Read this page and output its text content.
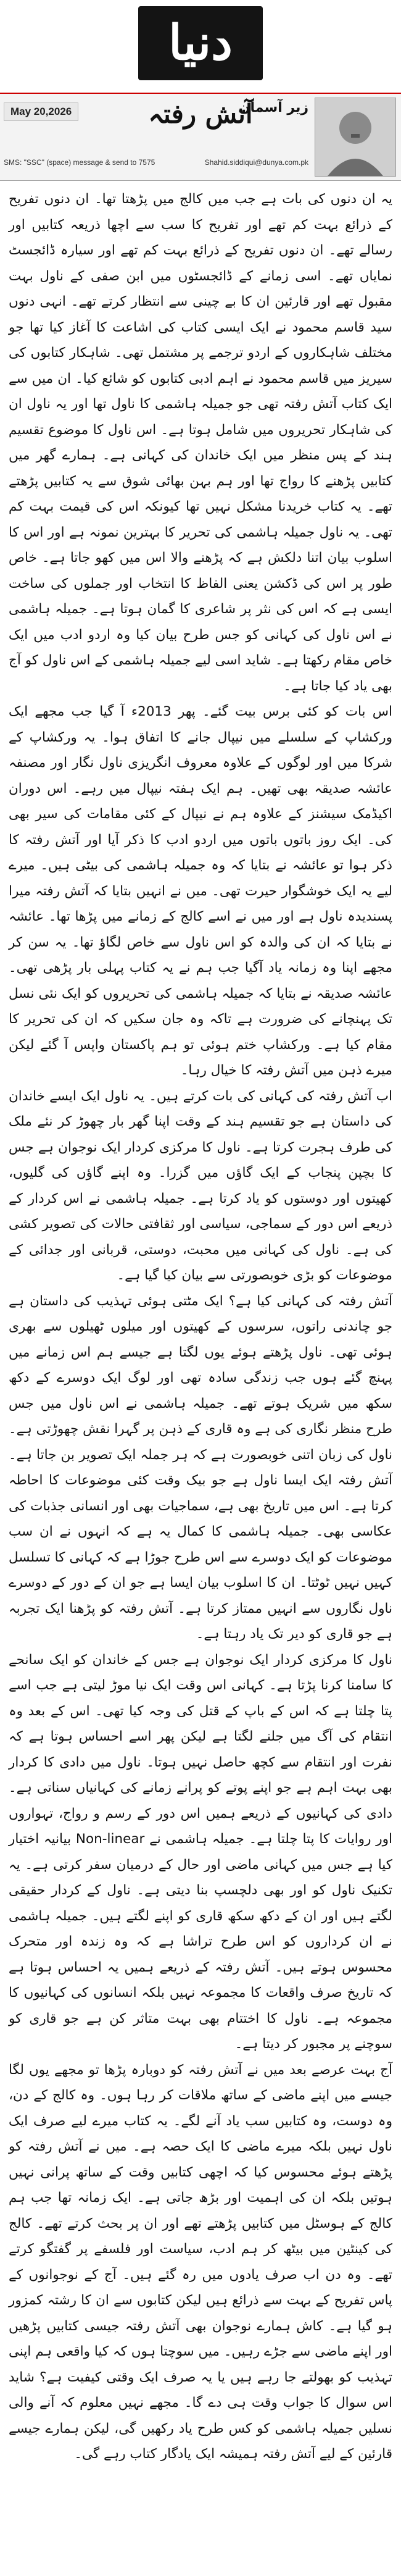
دنیا
May 20,2026	آتش رفتہ
زیر آسمان
SMS: "SSC" (space) message & send to 7575	Shahid.siddiqui@dunya.com.pk

یہ ان دنوں کی بات ہے جب میں کالج میں پڑھتا تھا۔ ان دنوں تفریح کے ذرائع بہت کم تھے اور تفریح کا سب سے اچھا ذریعہ کتابیں اور رسالے تھے۔ ان دنوں تفریح کے ذرائع بہت کم تھے اور سیارہ ڈائجسٹ نمایاں تھے۔ اسی زمانے کے ڈائجسٹوں میں ابن صفی کے ناول بہت مقبول تھے اور قارئین ان کا بے چینی سے انتظار کرتے تھے۔ انہی دنوں سید قاسم محمود نے ایک ایسی کتاب کی اشاعت کا آغاز کیا تھا جو مختلف شاہکاروں کے اردو ترجمے پر مشتمل تھی۔ شاہکار کتابوں کی سیریز میں قاسم محمود نے اہم ادبی کتابوں کو شائع کیا۔ ان میں سے ایک کتاب آتش رفتہ تھی جو جمیلہ ہاشمی کا ناول تھا اور یہ ناول ان کی شاہکار تحریروں میں شامل ہوتا ہے۔ اس ناول کا موضوع تقسیم ہند کے پس منظر میں ایک خاندان کی کہانی ہے۔ ہمارے گھر میں کتابیں پڑھنے کا رواج تھا اور ہم بہن بھائی شوق سے یہ کتابیں پڑھتے تھے۔ یہ کتاب خریدنا مشکل نہیں تھا کیونکہ اس کی قیمت بہت کم تھی۔ یہ ناول جمیلہ ہاشمی کی تحریر کا بہترین نمونہ ہے اور اس کا اسلوب بیان اتنا دلکش ہے کہ پڑھنے والا اس میں کھو جاتا ہے۔ خاص طور پر اس کی ڈکشن یعنی الفاظ کا انتخاب اور جملوں کی ساخت ایسی ہے کہ اس کی نثر پر شاعری کا گمان ہوتا ہے۔ جمیلہ ہاشمی نے اس ناول کی کہانی کو جس طرح بیان کیا وہ اردو ادب میں ایک خاص مقام رکھتا ہے۔ شاید اسی لیے جمیلہ ہاشمی کے اس ناول کو آج بھی یاد کیا جاتا ہے۔

اس بات کو کئی برس بیت گئے۔ پھر 2013ء آ گیا جب مجھے ایک ورکشاپ کے سلسلے میں نیپال جانے کا اتفاق ہوا۔ یہ ورکشاپ کے شرکا میں اور لوگوں کے علاوہ معروف انگریزی ناول نگار اور مصنفہ عائشہ صدیقہ بھی تھیں۔ ہم ایک ہفتہ نیپال میں رہے۔ اس دوران اکیڈمک سیشنز کے علاوہ ہم نے نیپال کے کئی مقامات کی سیر بھی کی۔ ایک روز باتوں باتوں میں اردو ادب کا ذکر آیا اور آتش رفتہ کا ذکر ہوا تو عائشہ نے بتایا کہ وہ جمیلہ ہاشمی کی بیٹی ہیں۔ میرے لیے یہ ایک خوشگوار حیرت تھی۔ میں نے انہیں بتایا کہ آتش رفتہ میرا پسندیدہ ناول ہے اور میں نے اسے کالج کے زمانے میں پڑھا تھا۔ عائشہ نے بتایا کہ ان کی والدہ کو اس ناول سے خاص لگاؤ تھا۔ یہ سن کر مجھے اپنا وہ زمانہ یاد آگیا جب ہم نے یہ کتاب پہلی بار پڑھی تھی۔ عائشہ صدیقہ نے بتایا کہ جمیلہ ہاشمی کی تحریروں کو ایک نئی نسل تک پہنچانے کی ضرورت ہے تاکہ وہ جان سکیں کہ ان کی تحریر کا مقام کیا ہے۔ ورکشاپ ختم ہوئی تو ہم پاکستان واپس آ گئے لیکن میرے ذہن میں آتش رفتہ کا خیال رہا۔

اب آتش رفتہ کی کہانی کی بات کرتے ہیں۔ یہ ناول ایک ایسے خاندان کی داستان ہے جو تقسیم ہند کے وقت اپنا گھر بار چھوڑ کر نئے ملک کی طرف ہجرت کرتا ہے۔ ناول کا مرکزی کردار ایک نوجوان ہے جس کا بچپن پنجاب کے ایک گاؤں میں گزرا۔ وہ اپنے گاؤں کی گلیوں، کھیتوں اور دوستوں کو یاد کرتا ہے۔ جمیلہ ہاشمی نے اس کردار کے ذریعے اس دور کے سماجی، سیاسی اور ثقافتی حالات کی تصویر کشی کی ہے۔ ناول کی کہانی میں محبت، دوستی، قربانی اور جدائی کے موضوعات کو بڑی خوبصورتی سے بیان کیا گیا ہے۔

آتش رفتہ کی کہانی کیا ہے؟ ایک مٹتی ہوئی تہذیب کی داستان ہے جو چاندنی راتوں، سرسوں کے کھیتوں اور میلوں ٹھیلوں سے بھری ہوئی تھی۔ ناول پڑھتے ہوئے یوں لگتا ہے جیسے ہم اس زمانے میں پہنچ گئے ہوں جب زندگی سادہ تھی اور لوگ ایک دوسرے کے دکھ سکھ میں شریک ہوتے تھے۔ جمیلہ ہاشمی نے اس ناول میں جس طرح منظر نگاری کی ہے وہ قاری کے ذہن پر گہرا نقش چھوڑتی ہے۔ ناول کی زبان اتنی خوبصورت ہے کہ ہر جملہ ایک تصویر بن جاتا ہے۔ آتش رفتہ ایک ایسا ناول ہے جو بیک وقت کئی موضوعات کا احاطہ کرتا ہے۔ اس میں تاریخ بھی ہے، سماجیات بھی اور انسانی جذبات کی عکاسی بھی۔ جمیلہ ہاشمی کا کمال یہ ہے کہ انہوں نے ان سب موضوعات کو ایک دوسرے سے اس طرح جوڑا ہے کہ کہانی کا تسلسل کہیں نہیں ٹوٹتا۔ ان کا اسلوب بیان ایسا ہے جو ان کے دور کے دوسرے ناول نگاروں سے انہیں ممتاز کرتا ہے۔ آتش رفتہ کو پڑھنا ایک تجربہ ہے جو قاری کو دیر تک یاد رہتا ہے۔

ناول کا مرکزی کردار ایک نوجوان ہے جس کے خاندان کو ایک سانحے کا سامنا کرنا پڑتا ہے۔ کہانی اس وقت ایک نیا موڑ لیتی ہے جب اسے پتا چلتا ہے کہ اس کے باپ کے قتل کی وجہ کیا تھی۔ اس کے بعد وہ انتقام کی آگ میں جلنے لگتا ہے لیکن پھر اسے احساس ہوتا ہے کہ نفرت اور انتقام سے کچھ حاصل نہیں ہوتا۔ ناول میں دادی کا کردار بھی بہت اہم ہے جو اپنے پوتے کو پرانے زمانے کی کہانیاں سناتی ہے۔ دادی کی کہانیوں کے ذریعے ہمیں اس دور کے رسم و رواج، تہواروں اور روایات کا پتا چلتا ہے۔ جمیلہ ہاشمی نے Non-linear بیانیہ اختیار کیا ہے جس میں کہانی ماضی اور حال کے درمیان سفر کرتی ہے۔ یہ تکنیک ناول کو اور بھی دلچسپ بنا دیتی ہے۔ ناول کے کردار حقیقی لگتے ہیں اور ان کے دکھ سکھ قاری کو اپنے لگتے ہیں۔ جمیلہ ہاشمی نے ان کرداروں کو اس طرح تراشا ہے کہ وہ زندہ اور متحرک محسوس ہوتے ہیں۔ آتش رفتہ کے ذریعے ہمیں یہ احساس ہوتا ہے کہ تاریخ صرف واقعات کا مجموعہ نہیں بلکہ انسانوں کی کہانیوں کا مجموعہ ہے۔ ناول کا اختتام بھی بہت متاثر کن ہے جو قاری کو سوچنے پر مجبور کر دیتا ہے۔

آج بہت عرصے بعد میں نے آتش رفتہ کو دوبارہ پڑھا تو مجھے یوں لگا جیسے میں اپنے ماضی کے ساتھ ملاقات کر رہا ہوں۔ وہ کالج کے دن، وہ دوست، وہ کتابیں سب یاد آنے لگے۔ یہ کتاب میرے لیے صرف ایک ناول نہیں بلکہ میرے ماضی کا ایک حصہ ہے۔ میں نے آتش رفتہ کو پڑھتے ہوئے محسوس کیا کہ اچھی کتابیں وقت کے ساتھ پرانی نہیں ہوتیں بلکہ ان کی اہمیت اور بڑھ جاتی ہے۔ ایک زمانہ تھا جب ہم کالج کے ہوسٹل میں کتابیں پڑھتے تھے اور ان پر بحث کرتے تھے۔ کالج کی کینٹین میں بیٹھ کر ہم ادب، سیاست اور فلسفے پر گفتگو کرتے تھے۔ وہ دن اب صرف یادوں میں رہ گئے ہیں۔ آج کے نوجوانوں کے پاس تفریح کے بہت سے ذرائع ہیں لیکن کتابوں سے ان کا رشتہ کمزور ہو گیا ہے۔ کاش ہمارے نوجوان بھی آتش رفتہ جیسی کتابیں پڑھیں اور اپنے ماضی سے جڑے رہیں۔ میں سوچتا ہوں کہ کیا واقعی ہم اپنی تہذیب کو بھولتے جا رہے ہیں یا یہ صرف ایک وقتی کیفیت ہے؟ شاید اس سوال کا جواب وقت ہی دے گا۔ مجھے نہیں معلوم کہ آنے والی نسلیں جمیلہ ہاشمی کو کس طرح یاد رکھیں گی، لیکن ہمارے جیسے قارئین کے لیے آتش رفتہ ہمیشہ ایک یادگار کتاب رہے گی۔
